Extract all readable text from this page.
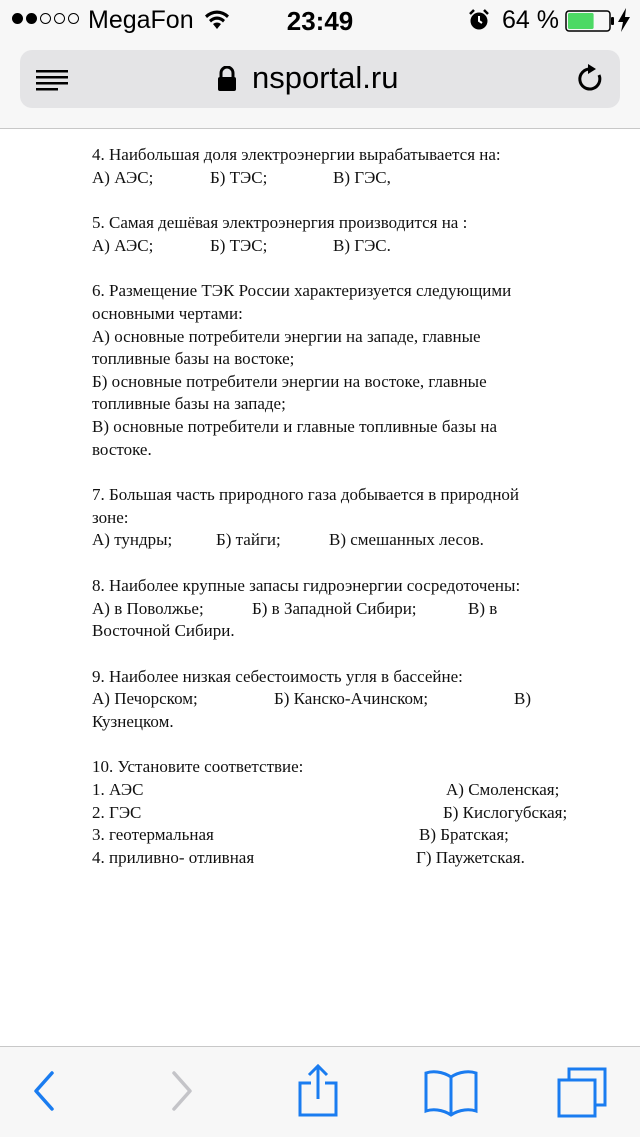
MegaFon	23:49	64 %
nsportal.ru

4. Наибольшая доля электроэнергии вырабатывается на:

А) АЭС;	Б) ТЭС;	В) ГЭС,

5. Самая дешёвая электроэнергия производится на :

А) АЭС;	Б) ТЭС;	В) ГЭС.

6. Размещение ТЭК России характеризуется следующими

основными чертами:

А) основные потребители энергии на западе, главные

топливные базы на востоке;

Б) основные потребители энергии на востоке, главные

топливные базы на западе;

В) основные потребители и главные топливные базы на

востоке.

7. Большая часть природного газа добывается в природной

зоне:

А) тундры;	Б) тайги;	В) смешанных лесов.

8. Наиболее крупные запасы гидроэнергии сосредоточены:

А) в Поволжье;	Б) в Западной Сибири;	В) в

Восточной Сибири.

9. Наиболее низкая себестоимость угля в бассейне:

А) Печорском;	Б) Канско-Ачинском;	В)

Кузнецком.

10. Установите соответствие:

1. АЭС	А) Смоленская;
2. ГЭС	Б) Кислогубская;
3. геотермальная	В) Братская;
4. приливно- отливная	Г) Паужетская.
